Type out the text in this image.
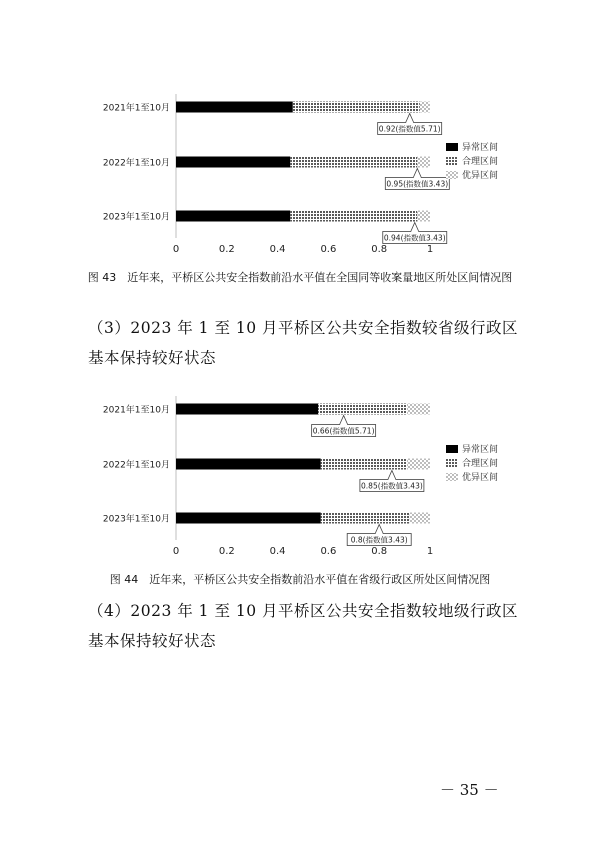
2021年1至10月
0.92(指数值5.71)
2022年1至10月
0.95(指数值3.43)
2023年1至10月
0.94(指数值3.43)
0	0.2	0.4	0.6	0.8	1
异常区间
合理区间
优异区间
图 43　近年来，平桥区公共安全指数前沿水平值在全国同等收案量地区所处区间情况图
（3）2023 年 1 至 10 月平桥区公共安全指数较省级行政区基本保持较好状态
2021年1至10月
0.66(指数值5.71)
2022年1至10月
0.85(指数值3.43)
2023年1至10月
0.8(指数值3.43)
0	0.2	0.4	0.6	0.8	1
异常区间
合理区间
优异区间
图 44　近年来，平桥区公共安全指数前沿水平值在省级行政区所处区间情况图
（4）2023 年 1 至 10 月平桥区公共安全指数较地级行政区基本保持较好状态
－ 35 －
